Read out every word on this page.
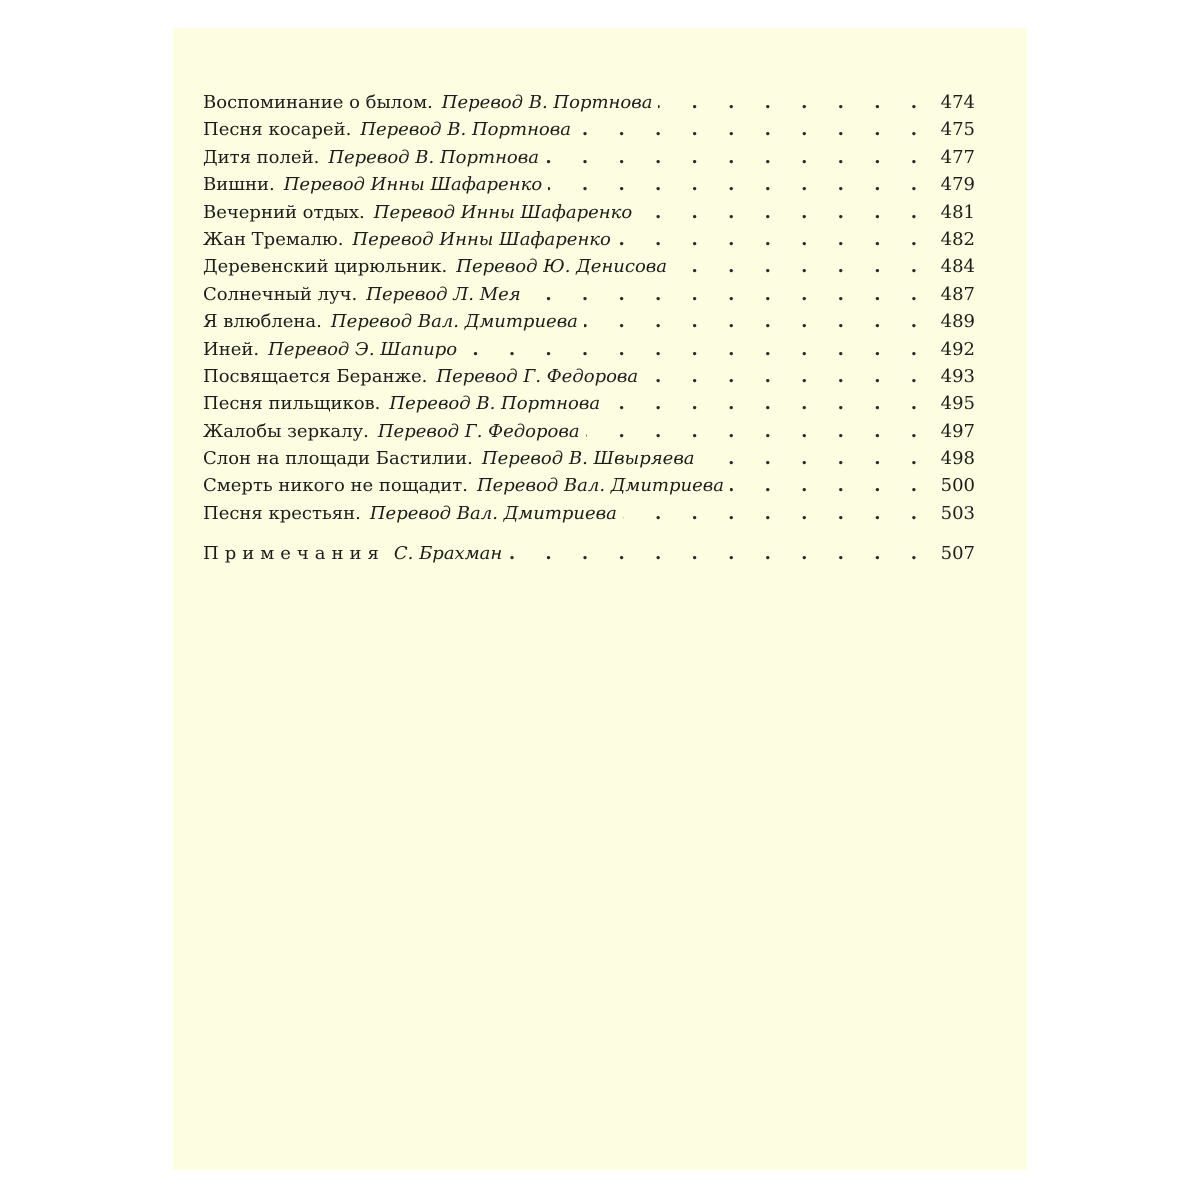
Воспоминание о былом. Перевод В. Портнова . . .	474
Песня косарей. Перевод В. Портнова . . .	475
Дитя полей. Перевод В. Портнова . . .	477
Вишни. Перевод Инны Шафаренко . . .	479
Вечерний отдых. Перевод Инны Шафаренко . . .	481
Жан Тремалю. Перевод Инны Шафаренко . . .	482
Деревенский цирюльник. Перевод Ю. Денисова . . .	484
Солнечный луч. Перевод Л. Мея . . .	487
Я влюблена. Перевод Вал. Дмитриева . . .	489
Иней. Перевод Э. Шапиро . . .	492
Посвящается Беранже. Перевод Г. Федорова . . .	493
Песня пильщиков. Перевод В. Портнова . . .	495
Жалобы зеркалу. Перевод Г. Федорова . . .	497
Слон на площади Бастилии. Перевод В. Швыряева . . .	498
Смерть никого не пощадит. Перевод Вал. Дмитриева . . .	500
Песня крестьян. Перевод Вал. Дмитриева . . .	503
Примечания С. Брахман . . .	507
